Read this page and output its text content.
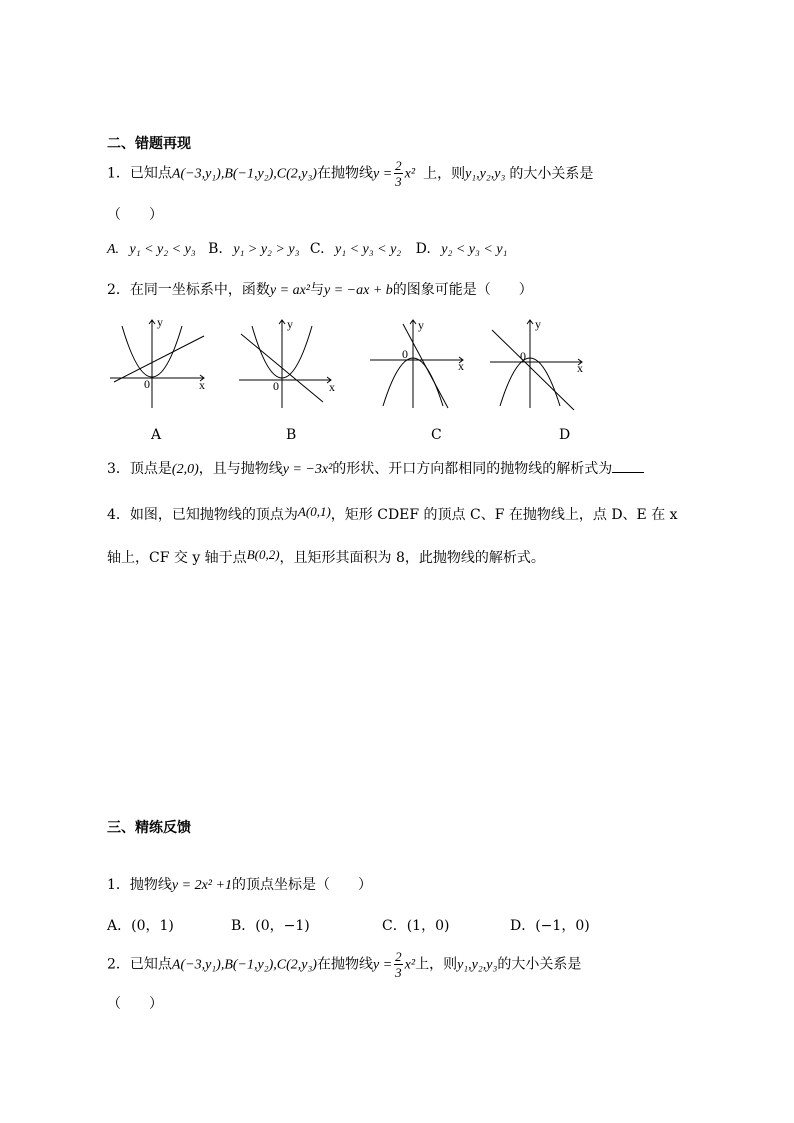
二、错题再现
1．已知点A(−3,y₁),B(−1,y₂),C(2,y₃)在抛物线$y = \frac{2}{3} x^2$ 上，则y₁,y₂,y₃ 的大小关系是
（　　）
A. y₁ < y₂ < y₃ B. y₁ > y₂ > y₃ C. y₁ < y₃ < y₂ D. y₂ < y₃ < y₁
2．在同一坐标系中，函数y = ax²与y = −ax + b的图象可能是（　　）
y
x
0
A
y
x
0
B
y
x
0
C
y
x
0
D
3．顶点是(2,0)，且与抛物线y = −3x²的形状、开口方向都相同的抛物线的解析式为
4．如图，已知抛物线的顶点为A(0,1)，矩形 CDEF 的顶点 C、F 在抛物线上，点 D、E 在 x
轴上，CF 交 y 轴于点B(0,2)，且矩形其面积为 8，此抛物线的解析式。
三、精练反馈
1．抛物线y = 2x² +1的顶点坐标是（　　）
A．(0，1)	B．(0，−1)	C．(1，0)	D．(−1，0)
2．已知点A(−3,y₁),B(−1,y₂),C(2,y₃)在抛物线$y = \frac{2}{3} x^2$上，则y₁,y₂,y₃的大小关系是
（　　）
